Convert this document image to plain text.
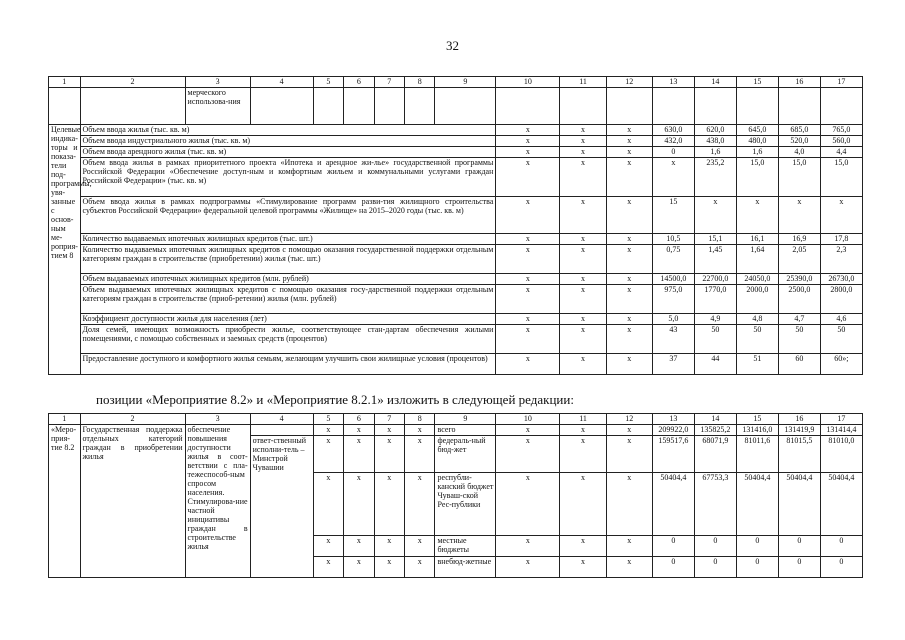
32
1	2	3	4	5	6	7	8	9	10	11	12	13	14	15	16	17
		мерческого использова-ния														
Целевые индика-торы и показа-тели под-программы, увя-занные с основ-ным ме-роприя-тием 8	Объем ввода жилья (тыс. кв. м)								x	x	x	630,0	620,0	645,0	685,0	765,0
	Объем ввода индустриального жилья (тыс. кв. м)								x	x	x	432,0	438,0	480,0	520,0	560,0
	Объем ввода арендного жилья (тыс. кв. м)								x	x	x	0	1,6	1,6	4,0	4,4
	Объем ввода жилья в рамках приоритетного проекта «Ипотека и арендное жи-лье» государственной программы Российской Федерации «Обеспечение доступ-ным и комфортным жильем и коммунальными услугами граждан Российской Федерации» (тыс. кв. м)								x	x	x	x	235,2	15,0	15,0	15,0
	Объем ввода жилья в рамках подпрограммы «Стимулирование программ разви-тия жилищного строительства субъектов Российской Федерации» федеральной целевой программы «Жилище» на 2015–2020 годы (тыс. кв. м)								x	x	x	15	x	x	x	x
	Количество выдаваемых ипотечных жилищных кредитов (тыс. шт.)								x	x	x	10,5	15,1	16,1	16,9	17,8
	Количество выдаваемых ипотечных жилищных кредитов с помощью оказания государственной поддержки отдельным категориям граждан в строительстве (приобретении) жилья (тыс. шт.)								x	x	x	0,75	1,45	1,64	2,05	2,3
	Объем выдаваемых ипотечных жилищных кредитов (млн. рублей)								x	x	x	14500,0	22700,0	24050,0	25390,0	26730,0
	Объем выдаваемых ипотечных жилищных кредитов с помощью оказания госу-дарственной поддержки отдельным категориям граждан в строительстве (приоб-ретении) жилья (млн. рублей)								x	x	x	975,0	1770,0	2000,0	2500,0	2800,0
	Коэффициент доступности жилья для населения (лет)								x	x	x	5,0	4,9	4,8	4,7	4,6
	Доля семей, имеющих возможность приобрести жилье, соответствующее стан-дартам обеспечения жилыми помещениями, с помощью собственных и заемных средств (процентов)								x	x	x	43	50	50	50	50
	Предоставление доступного и комфортного жилья семьям, желающим улучшить свои жилищные условия (процентов)								x	x	x	37	44	51	60	60»;
позиции «Мероприятие 8.2» и «Мероприятие 8.2.1» изложить в следующей редакции:
1	2	3	4	5	6	7	8	9	10	11	12	13	14	15	16	17
«Меро-прия-тие 8.2	Государственная поддержка отдельных категорий граждан в приобретении жилья	обеспечение повышения доступности жилья в соот-ветствии с пла-тежеспособ-ным спросом населения. Стимулирова-ние частной инициативы граждан в строительстве жилья		x	x	x	x	всего	x	x	x	209922,0	135825,2	131416,0	131419,9	131414,4
			ответ-ственный исполни-тель – Минстрой Чувашии	x	x	x	x	федераль-ный бюд-жет	x	x	x	159517,6	68071,9	81011,6	81015,5	81010,0
				x	x	x	x	республи-канский бюджет Чуваш-ской Рес-публики	x	x	x	50404,4	67753,3	50404,4	50404,4	50404,4
				x	x	x	x	местные бюджеты	x	x	x	0	0	0	0	0
				x	x	x	x	внебюд-жетные	x	x	x	0	0	0	0	0
